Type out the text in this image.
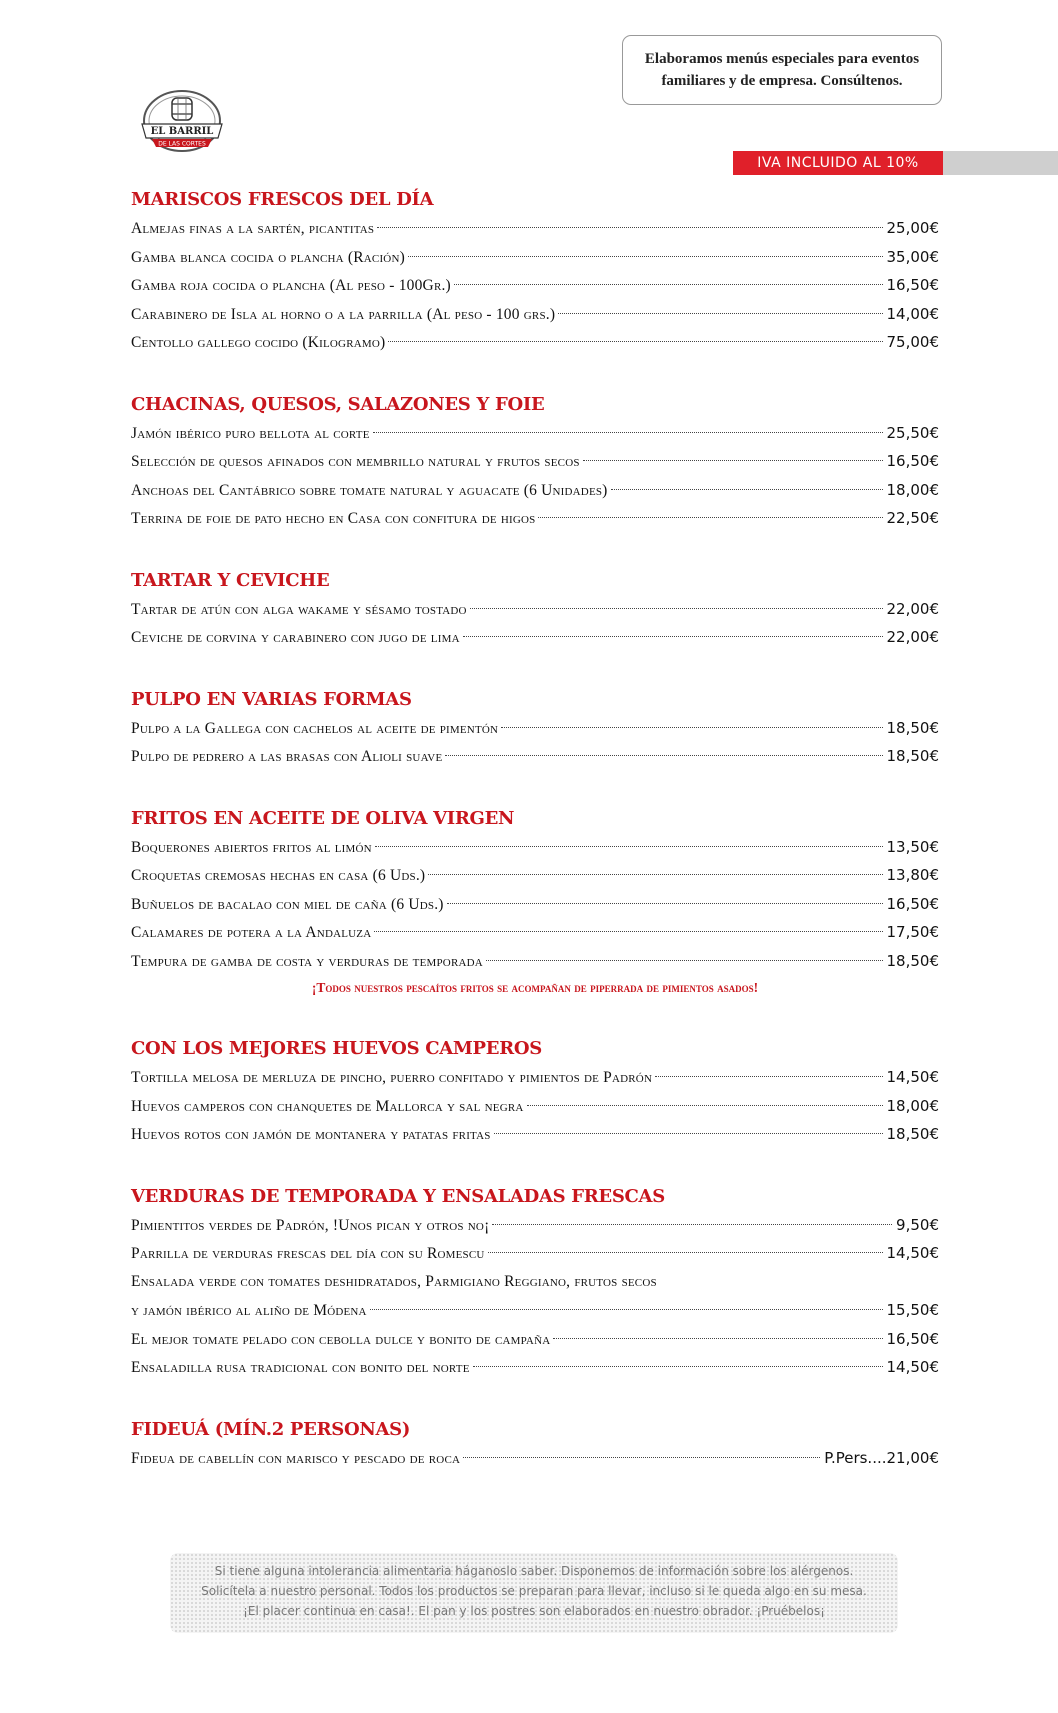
Elaboramos menús especiales para eventos
familiares y de empresa. Consúltenos.
EL BARRIL
DE LAS CORTES
IVA INCLUIDO AL 10%
MARISCOS FRESCOS DEL DÍA
Almejas finas a la sartén, picantitas	25,00€
Gamba blanca cocida o plancha (Ración)	35,00€
Gamba roja cocida o plancha (Al peso - 100Gr.)	16,50€
Carabinero de Isla al horno o a la parrilla (Al peso - 100 grs.)	14,00€
Centollo gallego cocido (Kilogramo)	75,00€
CHACINAS, QUESOS, SALAZONES Y FOIE
Jamón ibérico puro bellota al corte	25,50€
Selección de quesos afinados con membrillo natural y frutos secos	16,50€
Anchoas del Cantábrico sobre tomate natural y aguacate (6 Unidades)	18,00€
Terrina de foie de pato hecho en Casa con confitura de higos	22,50€
TARTAR Y CEVICHE
Tartar de atún con alga wakame y sésamo tostado	22,00€
Ceviche de corvina y carabinero con jugo de lima	22,00€
PULPO EN VARIAS FORMAS
Pulpo a la Gallega con cachelos al aceite de pimentón	18,50€
Pulpo de pedrero a las brasas con Alioli suave	18,50€
FRITOS EN ACEITE DE OLIVA VIRGEN
Boquerones abiertos fritos al limón	13,50€
Croquetas cremosas hechas en casa (6 Uds.)	13,80€
Buñuelos de bacalao con miel de caña (6 Uds.)	16,50€
Calamares de potera a la Andaluza	17,50€
Tempura de gamba de costa y verduras de temporada	18,50€
¡Todos nuestros pescaítos fritos se acompañan de piperrada de pimientos asados!
CON LOS MEJORES HUEVOS CAMPEROS
Tortilla melosa de merluza de pincho, puerro confitado y pimientos de Padrón	14,50€
Huevos camperos con chanquetes de Mallorca y sal negra	18,00€
Huevos rotos con jamón de montanera y patatas fritas	18,50€
VERDURAS DE TEMPORADA Y ENSALADAS FRESCAS
Pimientitos verdes de Padrón, !Unos pican y otros no¡	9,50€
Parrilla de verduras frescas del día con su Romescu	14,50€
Ensalada verde con tomates deshidratados, Parmigiano Reggiano, frutos secos
y jamón ibérico al aliño de Módena	15,50€
El mejor tomate pelado con cebolla dulce y bonito de campaña	16,50€
Ensaladilla rusa tradicional con bonito del norte	14,50€
FIDEUÁ (MÍN.2 PERSONAS)
Fideua de cabellín con marisco y pescado de roca	P.Pers....21,00€
Si tiene alguna intolerancia alimentaria háganoslo saber. Disponemos de información sobre los alérgenos.
Solicítela a nuestro personal. Todos los productos se preparan para llevar, incluso si le queda algo en su mesa.
¡El placer continua en casa!. El pan y los postres son elaborados en nuestro obrador. ¡Pruébelos¡
